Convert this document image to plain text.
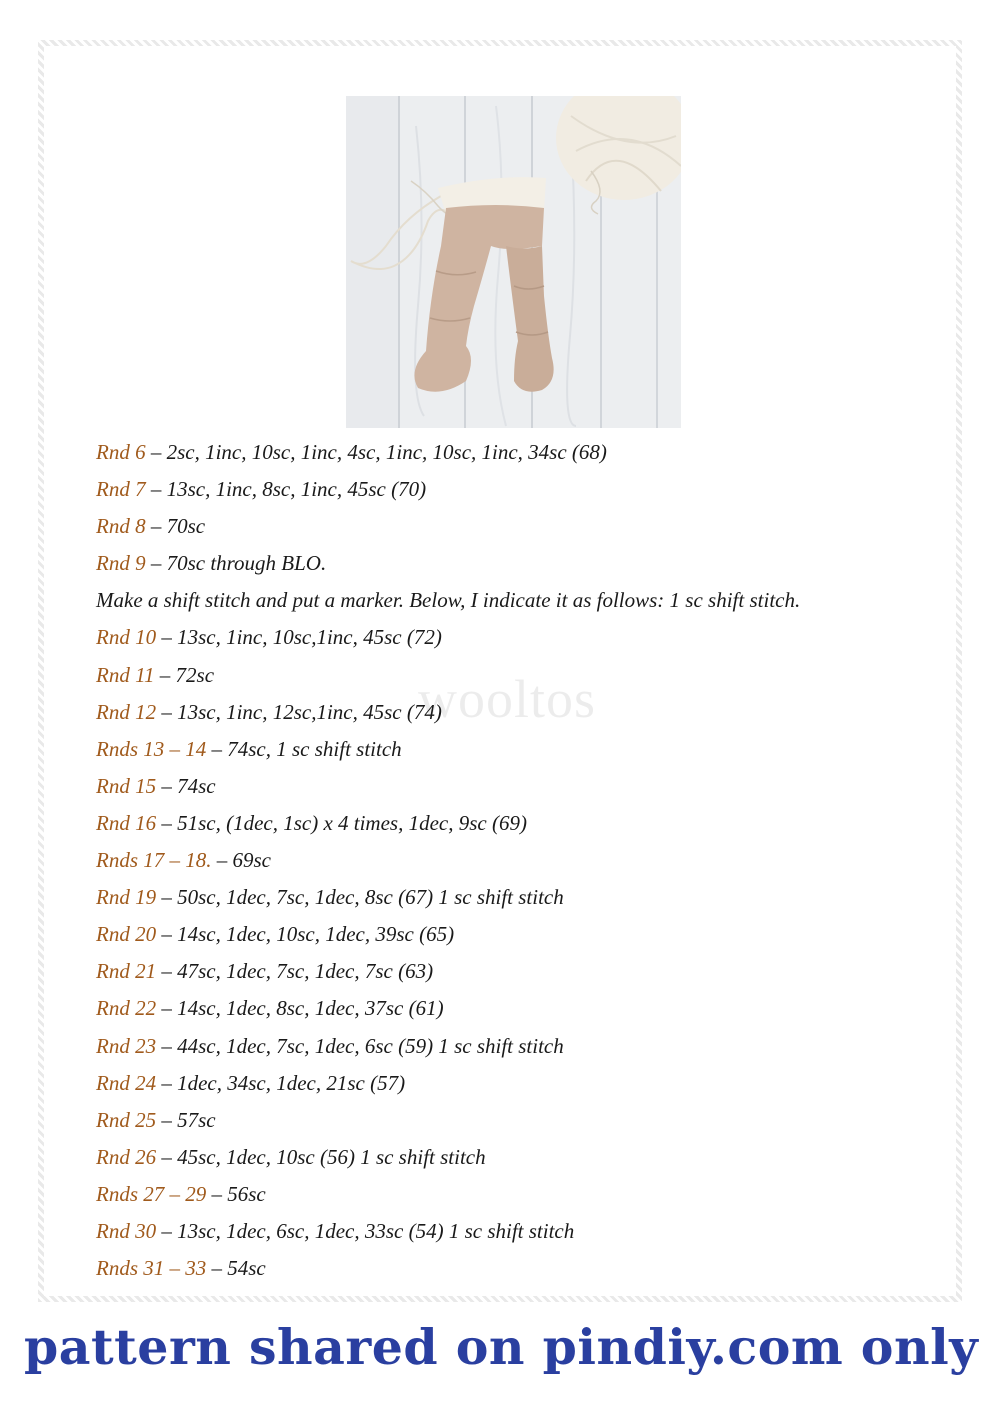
wooltos
Rnd 6 – 2sc, 1inc, 10sc, 1inc, 4sc, 1inc, 10sc, 1inc, 34sc (68)
Rnd 7 – 13sc, 1inc, 8sc, 1inc, 45sc (70)
Rnd 8 – 70sc
Rnd 9 – 70sc through BLO.
Make a shift stitch and put a marker. Below, I indicate it as follows: 1 sc shift stitch.
Rnd 10 – 13sc, 1inc, 10sc,1inc, 45sc (72)
Rnd 11 – 72sc
Rnd 12 – 13sc, 1inc, 12sc,1inc, 45sc (74)
Rnds 13 – 14 – 74sc, 1 sc shift stitch
Rnd 15 – 74sc
Rnd 16 – 51sc, (1dec, 1sc) x 4 times, 1dec, 9sc (69)
Rnds 17 – 18. – 69sc
Rnd 19 – 50sc, 1dec, 7sc, 1dec, 8sc (67) 1 sc shift stitch
Rnd 20 – 14sc, 1dec, 10sc, 1dec, 39sc (65)
Rnd 21 – 47sc, 1dec, 7sc, 1dec, 7sc (63)
Rnd 22 – 14sc, 1dec, 8sc, 1dec, 37sc (61)
Rnd 23 – 44sc, 1dec, 7sc, 1dec, 6sc (59) 1 sc shift stitch
Rnd 24 – 1dec, 34sc, 1dec, 21sc (57)
Rnd 25 – 57sc
Rnd 26 – 45sc, 1dec, 10sc (56) 1 sc shift stitch
Rnds 27 – 29 – 56sc
Rnd 30 – 13sc, 1dec, 6sc, 1dec, 33sc (54) 1 sc shift stitch
Rnds 31 – 33 – 54sc
pattern shared on pindiy.com only
